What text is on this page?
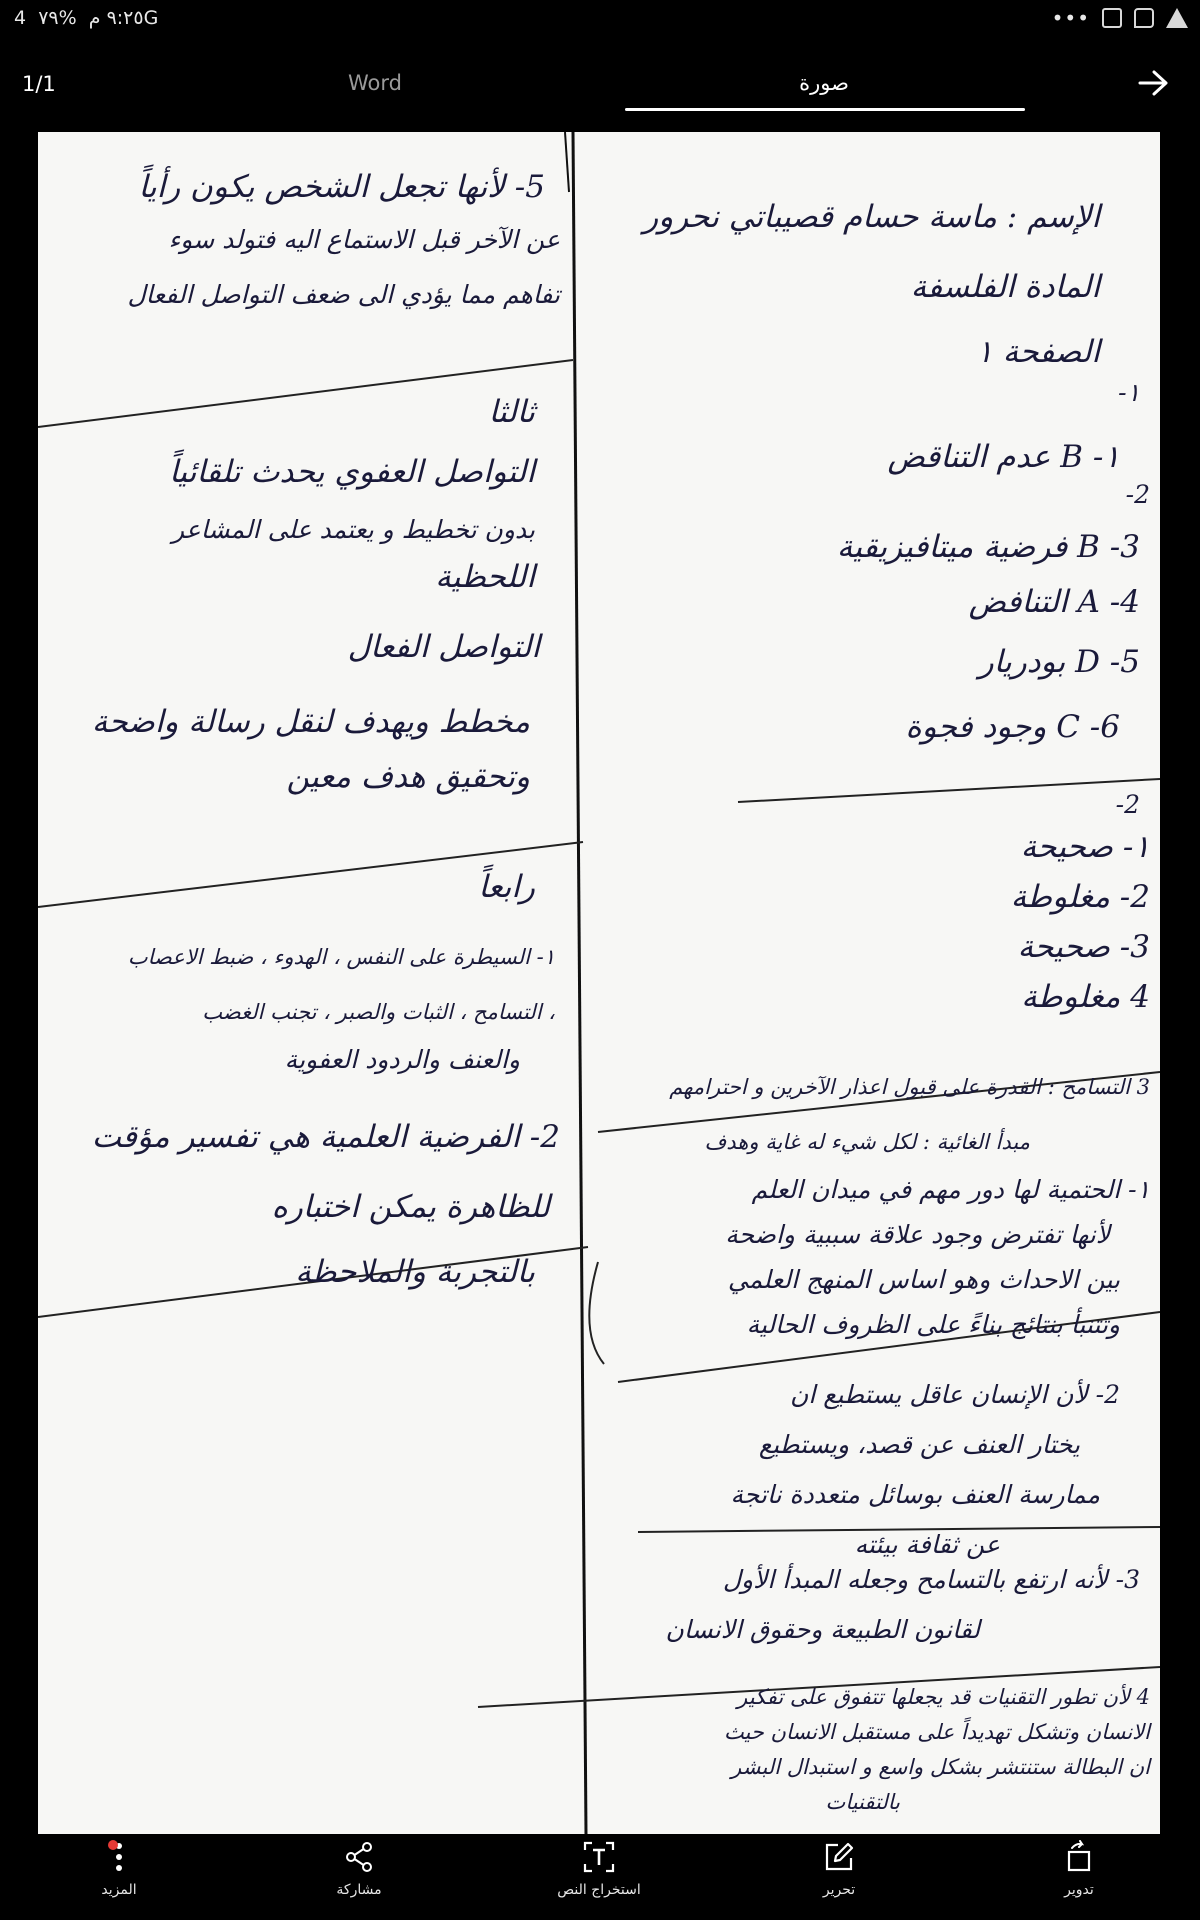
٩:٢٥ م  %٧٩  4G	•••
1/1	Word	صورة
الإسم : ماسة حسام قصيباتي نحرور
المادة الفلسفة
الصفحة ١
١-
١- B عدم التناقض
2-
3- B فرضية ميتافيزيقية
4- A التنافض
5- D بودريار
6- C وجود فجوة
2-
١- صحيحة
2- مغلوطة
3- صحيحة
4 مغلوطة
3 التسامح : القدرة على قبول اعذار الآخرين و احترامهم
مبدأ الغائية : لكل شيء له غاية وهدف
١- الحتمية لها دور مهم في ميدان العلم
لأنها تفترض وجود علاقة سببية واضحة
بين الاحداث وهو اساس المنهج العلمي
وتتنبأ بنتائج بناءً على الظروف الحالية
2- لأن الإنسان عاقل يستطيع ان
يختار العنف عن قصد، ويستطيع
ممارسة العنف بوسائل متعددة ناتجة
عن ثقافة بيئته
3- لأنه ارتفع بالتسامح وجعله المبدأ الأول
لقانون الطبيعة وحقوق الانسان
4 لأن تطور التقنيات قد يجعلها تتفوق على تفكير
الانسان وتشكل تهديداً على مستقبل الانسان حيث
ان البطالة ستنتشر بشكل واسع و استبدال البشر
بالتقنيات
5- لأنها تجعل الشخص يكون رأياً
عن الآخر قبل الاستماع اليه فتولد سوء
تفاهم مما يؤدي الى ضعف التواصل الفعال
ثالثا
التواصل العفوي يحدث تلقائياً
بدون تخطيط و يعتمد على المشاعر
اللحظية
التواصل الفعال
مخطط ويهدف لنقل رسالة واضحة
وتحقيق هدف معين
رابعاً
١- السيطرة على النفس ، الهدوء ، ضبط الاعصاب
، التسامح ، الثبات والصبر ، تجنب الغضب
والعنف والردود العفوية
2- الفرضية العلمية هي تفسير مؤقت
للظاهرة يمكن اختباره
بالتجربة والملاحظة
المزيد	مشاركة	استخراج النص	تحرير	تدوير
